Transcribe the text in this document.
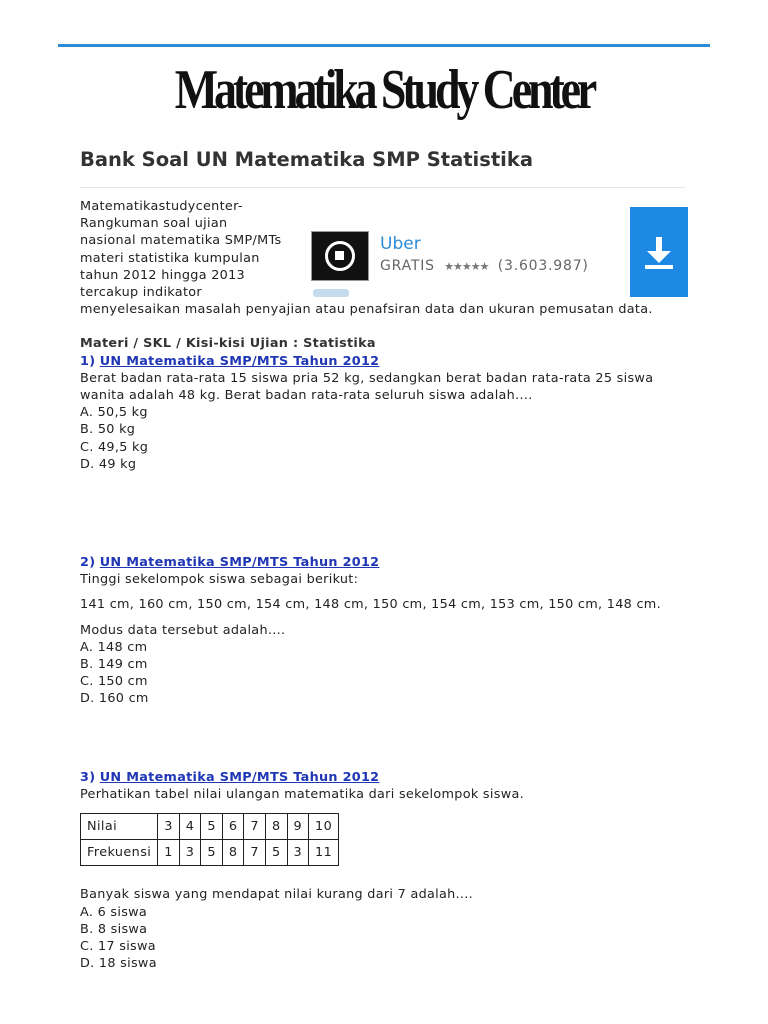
Matematika Study Center
Bank Soal UN Matematika SMP Statistika

Matematikastudycenter-

Rangkuman soal ujian

nasional matematika SMP/MTs

materi statistika kumpulan

tahun 2012 hingga 2013

tercakup indikator

menyelesaikan masalah penyajian atau penafsiran data dan ukuran pemusatan data.

Materi / SKL / Kisi-kisi Ujian : Statistika

1) UN Matematika SMP/MTS Tahun 2012

Berat badan rata-rata 15 siswa pria 52 kg, sedangkan berat badan rata-rata 25 siswa wanita adalah 48 kg. Berat badan rata-rata seluruh siswa adalah....

A. 50,5 kg

B. 50 kg

C. 49,5 kg

D. 49 kg

Uber
GRATIS ★★★★★ (3.603.987)

2) UN Matematika SMP/MTS Tahun 2012

Tinggi sekelompok siswa sebagai berikut:

141 cm, 160 cm, 150 cm, 154 cm, 148 cm, 150 cm, 154 cm, 153 cm, 150 cm, 148 cm.

Modus data tersebut adalah....

A. 148 cm

B. 149 cm

C. 150 cm

D. 160 cm

3) UN Matematika SMP/MTS Tahun 2012

Perhatikan tabel nilai ulangan matematika dari sekelompok siswa.

Nilai	3	4	5	6	7	8	9	10
Frekuensi	1	3	5	8	7	5	3	11

Banyak siswa yang mendapat nilai kurang dari 7 adalah....

A. 6 siswa

B. 8 siswa

C. 17 siswa

D. 18 siswa
